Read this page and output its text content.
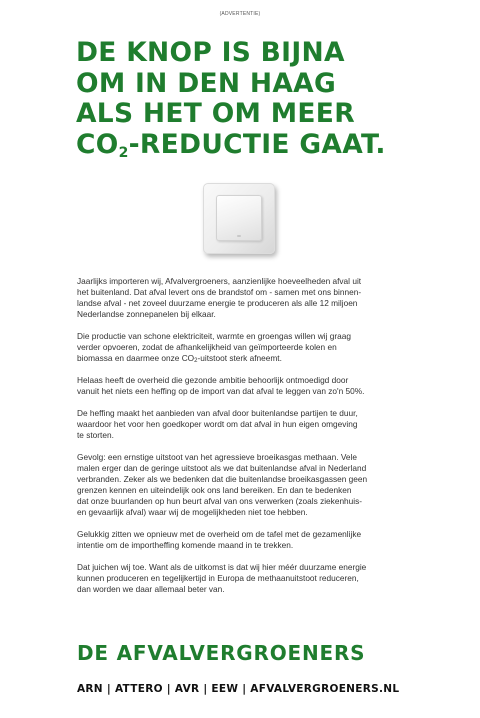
(ADVERTENTIE)
DE KNOP IS BIJNA
OM IN DEN HAAG
ALS HET OM MEER
$CO_2$-REDUCTIE GAAT.

Jaarlijks importeren wij, Afvalvergroeners, aanzienlijke hoeveelheden afval uit
het buitenland. Dat afval levert ons de brandstof om - samen met ons binnen-
landse afval - net zoveel duurzame energie te produceren als alle 12 miljoen
Nederlandse zonnepanelen bij elkaar.

Die productie van schone elektriciteit, warmte en groengas willen wij graag
verder opvoeren, zodat de afhankelijkheid van geïmporteerde kolen en
biomassa en daarmee onze $CO_2$-uitstoot sterk afneemt.

Helaas heeft de overheid die gezonde ambitie behoorlijk ontmoedigd door
vanuit het niets een heffing op de import van dat afval te leggen van zo'n 50%.

De heffing maakt het aanbieden van afval door buitenlandse partijen te duur,
waardoor het voor hen goedkoper wordt om dat afval in hun eigen omgeving
te storten.

Gevolg: een ernstige uitstoot van het agressieve broeikasgas methaan. Vele
malen erger dan de geringe uitstoot als we dat buitenlandse afval in Nederland
verbranden. Zeker als we bedenken dat die buitenlandse broeikasgassen geen
grenzen kennen en uiteindelijk ook ons land bereiken. En dan te bedenken
dat onze buurlanden op hun beurt afval van ons verwerken (zoals ziekenhuis-
en gevaarlijk afval) waar wij de mogelijkheden niet toe hebben.

Gelukkig zitten we opnieuw met de overheid om de tafel met de gezamenlijke
intentie om de importheffing komende maand in te trekken.

Dat juichen wij toe. Want als de uitkomst is dat wij hier méér duurzame energie
kunnen produceren en tegelijkertijd in Europa de methaanuitstoot reduceren,
dan worden we daar allemaal beter van.

DE AFVALVERGROENERS
ARN | ATTERO | AVR | EEW | AFVALVERGROENERS.NL
